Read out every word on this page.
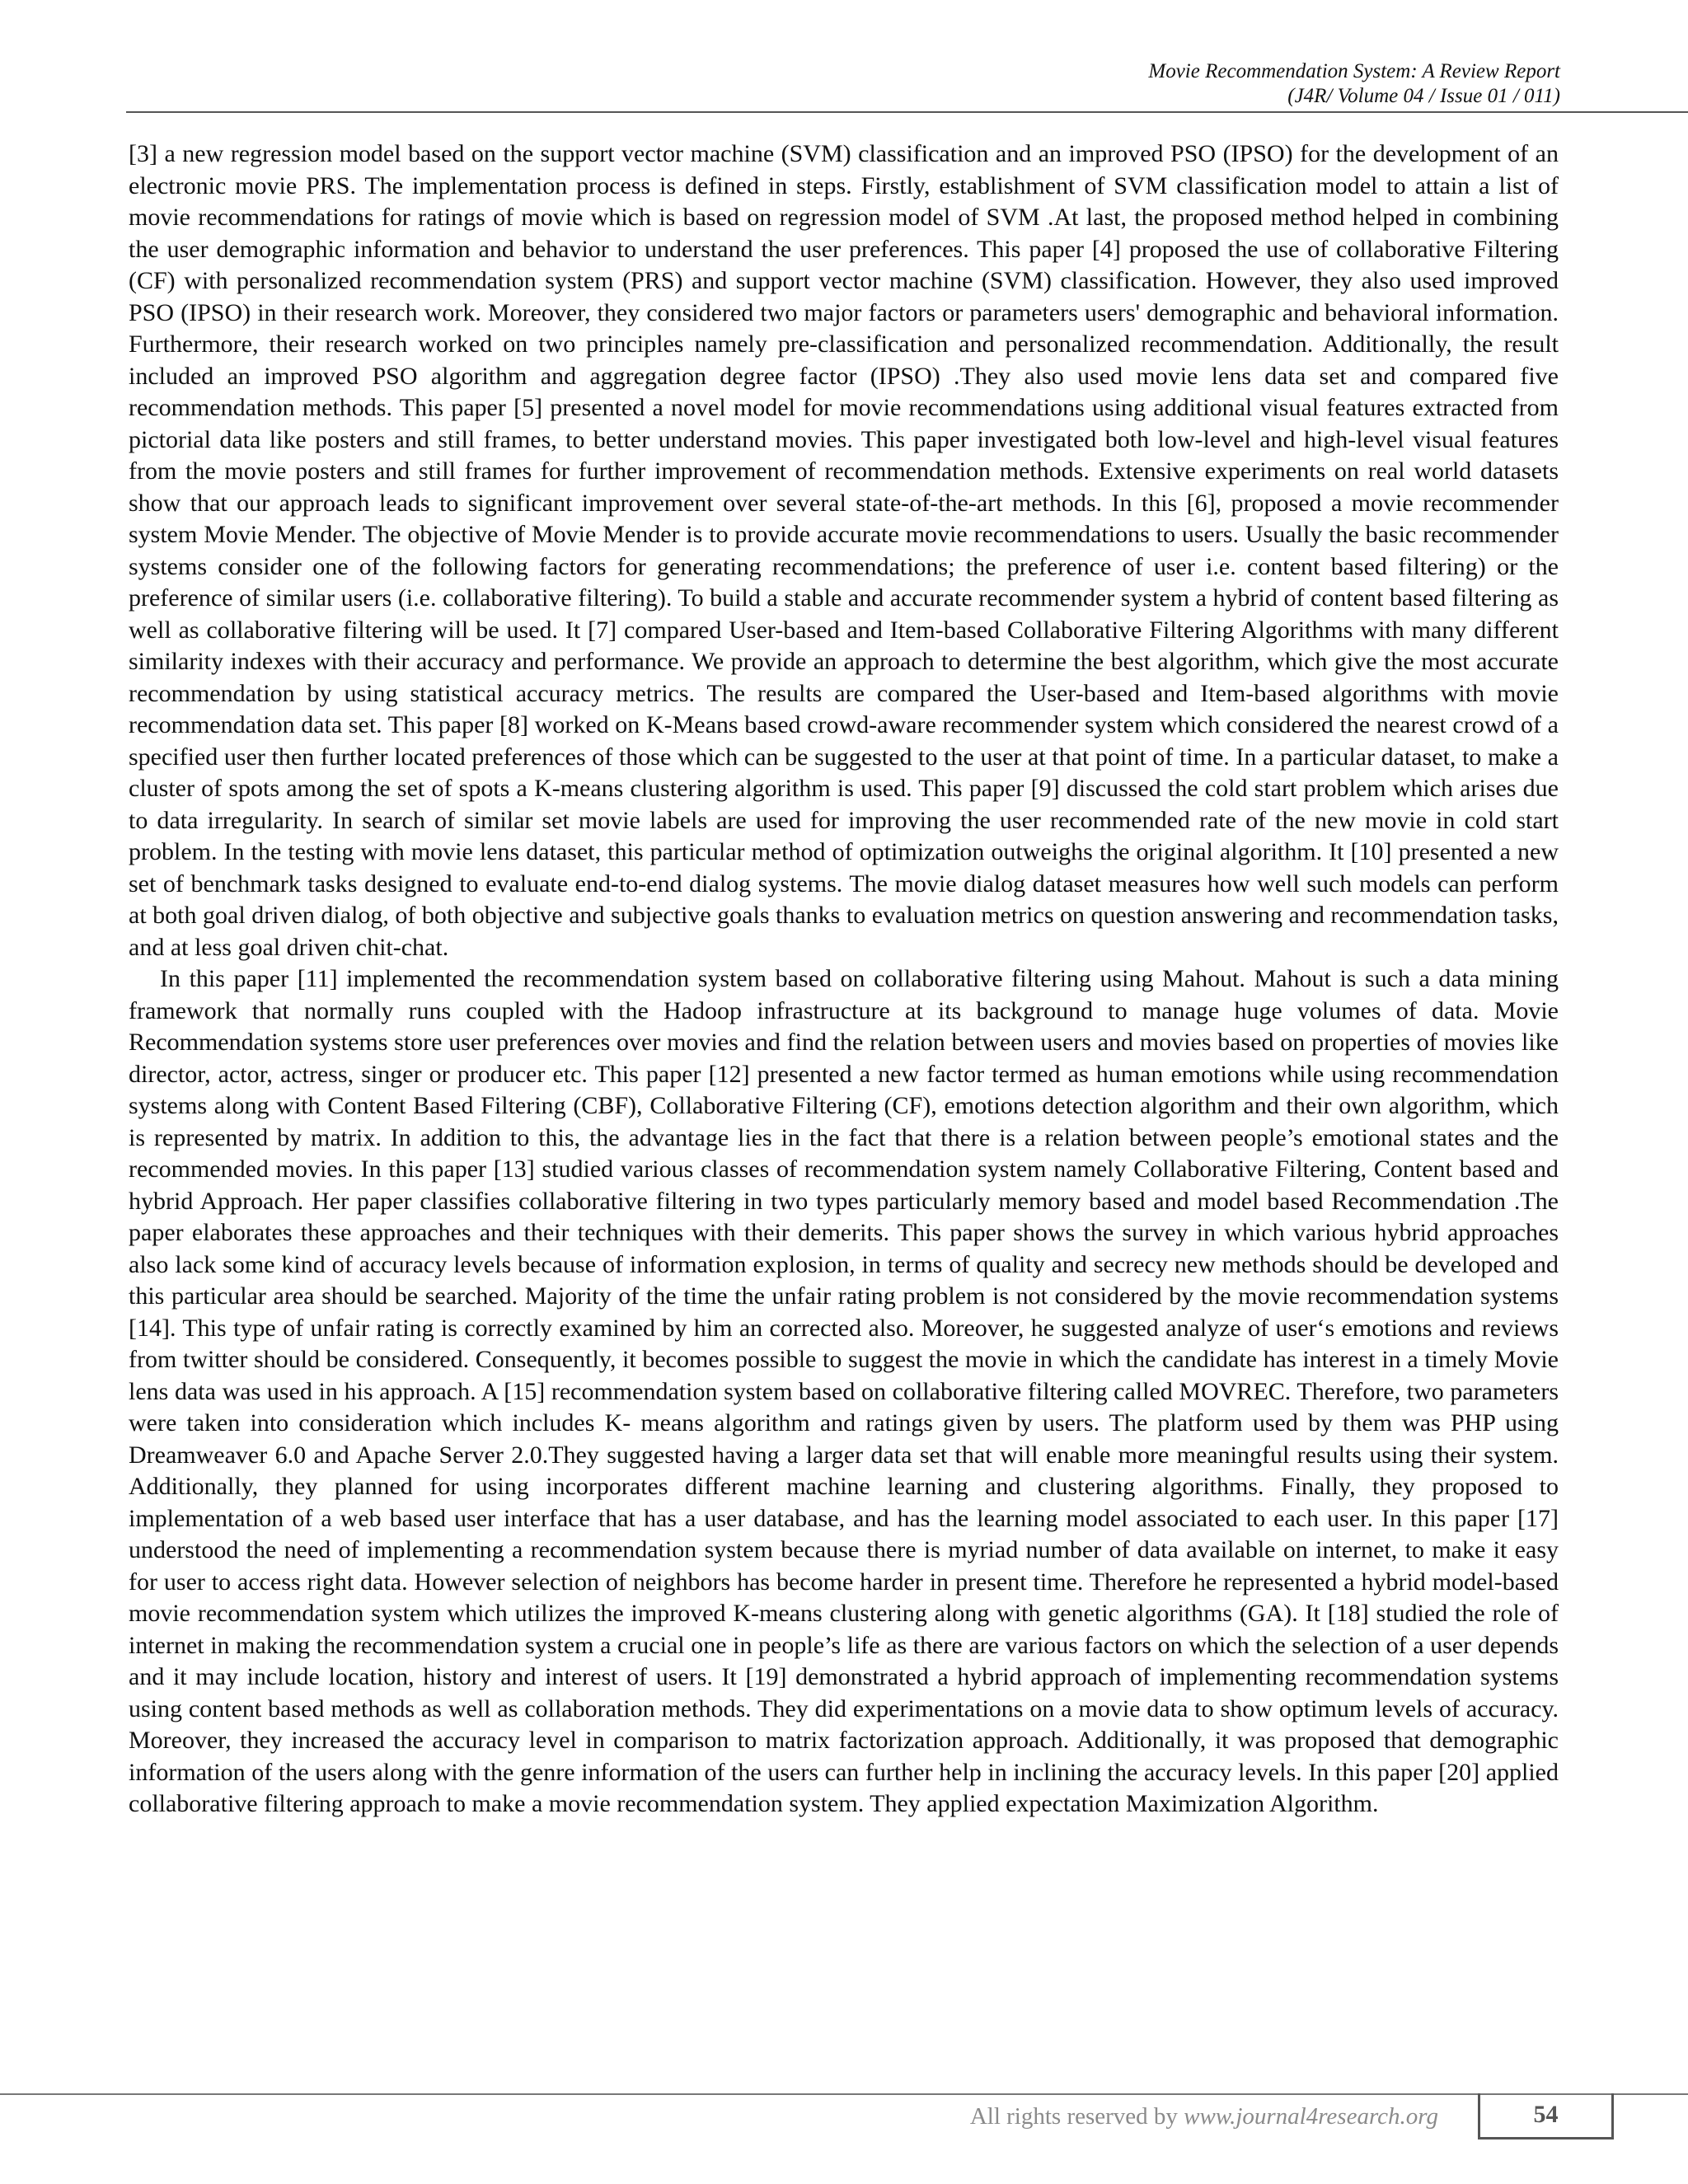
Movie Recommendation System: A Review Report
(J4R/ Volume 04 / Issue 01 / 011)

[3] a new regression model based on the support vector machine (SVM) classification and an improved PSO (IPSO) for the development of an electronic movie PRS. The implementation process is defined in steps. Firstly, establishment of SVM classification model to attain a list of movie recommendations for ratings of movie which is based on regression model of SVM .At last, the proposed method helped in combining the user demographic information and behavior to understand the user preferences. This paper [4] proposed the use of collaborative Filtering (CF) with personalized recommendation system (PRS) and support vector machine (SVM) classification. However, they also used improved PSO (IPSO) in their research work. Moreover, they considered two major factors or parameters users' demographic and behavioral information. Furthermore, their research worked on two principles namely pre-classification and personalized recommendation. Additionally, the result included an improved PSO algorithm and aggregation degree factor (IPSO) .They also used movie lens data set and compared five recommendation methods. This paper [5] presented a novel model for movie recommendations using additional visual features extracted from pictorial data like posters and still frames, to better understand movies. This paper investigated both low-level and high-level visual features from the movie posters and still frames for further improvement of recommendation methods. Extensive experiments on real world datasets show that our approach leads to significant improvement over several state-of-the-art methods. In this [6], proposed a movie recommender system Movie Mender. The objective of Movie Mender is to provide accurate movie recommendations to users. Usually the basic recommender systems consider one of the following factors for generating recommendations; the preference of user i.e. content based filtering) or the preference of similar users (i.e. collaborative filtering). To build a stable and accurate recommender system a hybrid of content based filtering as well as collaborative filtering will be used. It [7] compared User-based and Item-based Collaborative Filtering Algorithms with many different similarity indexes with their accuracy and performance. We provide an approach to determine the best algorithm, which give the most accurate recommendation by using statistical accuracy metrics. The results are compared the User-based and Item-based algorithms with movie recommendation data set. This paper [8] worked on K-Means based crowd-aware recommender system which considered the nearest crowd of a specified user then further located preferences of those which can be suggested to the user at that point of time. In a particular dataset, to make a cluster of spots among the set of spots a K-means clustering algorithm is used. This paper [9] discussed the cold start problem which arises due to data irregularity. In search of similar set movie labels are used for improving the user recommended rate of the new movie in cold start problem. In the testing with movie lens dataset, this particular method of optimization outweighs the original algorithm. It [10] presented a new set of benchmark tasks designed to evaluate end-to-end dialog systems. The movie dialog dataset measures how well such models can perform at both goal driven dialog, of both objective and subjective goals thanks to evaluation metrics on question answering and recommendation tasks, and at less goal driven chit-chat.

In this paper [11] implemented the recommendation system based on collaborative filtering using Mahout. Mahout is such a data mining framework that normally runs coupled with the Hadoop infrastructure at its background to manage huge volumes of data. Movie Recommendation systems store user preferences over movies and find the relation between users and movies based on properties of movies like director, actor, actress, singer or producer etc. This paper [12] presented a new factor termed as human emotions while using recommendation systems along with Content Based Filtering (CBF), Collaborative Filtering (CF), emotions detection algorithm and their own algorithm, which is represented by matrix. In addition to this, the advantage lies in the fact that there is a relation between people’s emotional states and the recommended movies. In this paper [13] studied various classes of recommendation system namely Collaborative Filtering, Content based and hybrid Approach. Her paper classifies collaborative filtering in two types particularly memory based and model based Recommendation .The paper elaborates these approaches and their techniques with their demerits. This paper shows the survey in which various hybrid approaches also lack some kind of accuracy levels because of information explosion, in terms of quality and secrecy new methods should be developed and this particular area should be searched. Majority of the time the unfair rating problem is not considered by the movie recommendation systems [14]. This type of unfair rating is correctly examined by him an corrected also. Moreover, he suggested analyze of user‘s emotions and reviews from twitter should be considered. Consequently, it becomes possible to suggest the movie in which the candidate has interest in a timely Movie lens data was used in his approach. A [15] recommendation system based on collaborative filtering called MOVREC. Therefore, two parameters were taken into consideration which includes K- means algorithm and ratings given by users. The platform used by them was PHP using Dreamweaver 6.0 and Apache Server 2.0.They suggested having a larger data set that will enable more meaningful results using their system. Additionally, they planned for using incorporates different machine learning and clustering algorithms. Finally, they proposed to implementation of a web based user interface that has a user database, and has the learning model associated to each user. In this paper [17] understood the need of implementing a recommendation system because there is myriad number of data available on internet, to make it easy for user to access right data. However selection of neighbors has become harder in present time. Therefore he represented a hybrid model-based movie recommendation system which utilizes the improved K-means clustering along with genetic algorithms (GA). It [18] studied the role of internet in making the recommendation system a crucial one in people’s life as there are various factors on which the selection of a user depends and it may include location, history and interest of users. It [19] demonstrated a hybrid approach of implementing recommendation systems using content based methods as well as collaboration methods. They did experimentations on a movie data to show optimum levels of accuracy. Moreover, they increased the accuracy level in comparison to matrix factorization approach. Additionally, it was proposed that demographic information of the users along with the genre information of the users can further help in inclining the accuracy levels. In this paper [20] applied collaborative filtering approach to make a movie recommendation system. They applied expectation Maximization Algorithm.

All rights reserved by www.journal4research.org	54
